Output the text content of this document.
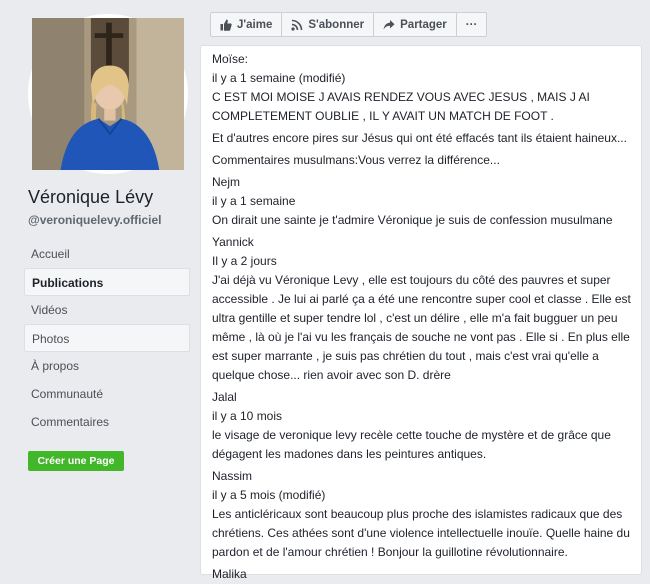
Véronique Lévy
@veroniquelevy.officiel
Accueil
Publications
Vidéos
Photos
À propos
Communauté
Commentaires
Créer une Page
J'aime	S'abonner	Partager ···
Moïse:
il y a 1 semaine (modifié)
C EST MOI MOISE J AVAIS RENDEZ VOUS AVEC JESUS , MAIS J AI COMPLETEMENT OUBLIE , IL Y AVAIT UN MATCH DE FOOT .
Et d'autres encore pires sur Jésus qui ont été effacés tant ils étaient haineux...
Commentaires musulmans:Vous verrez la différence...
Nejm
il y a 1 semaine
On dirait une sainte je t'admire Véronique je suis de confession musulmane
Yannick
Il y a 2 jours
J'ai déjà vu Véronique Levy , elle est toujours du côté des pauvres et super accessible . Je lui ai parlé ça a été une rencontre super cool et classe . Elle est ultra gentille et super tendre lol , c'est un délire , elle m'a fait bugguer un peu même , là où je l'ai vu les français de souche ne vont pas . Elle si . En plus elle est super marrante , je suis pas chrétien du tout , mais c'est vrai qu'elle a quelque chose... rien avoir avec son D. drère
Jalal
il y a 10 mois
le visage de veronique levy recèle cette touche de mystère et de grâce que dégagent les madones dans les peintures antiques.
Nassim
il y a 5 mois (modifié)
Les anticléricaux sont beaucoup plus proche des islamistes radicaux que des chrétiens. Ces athées sont d'une violence intellectuelle inouïe. Quelle haine du pardon et de l'amour chrétien ! Bonjour la guillotine révolutionnaire.
Malika
